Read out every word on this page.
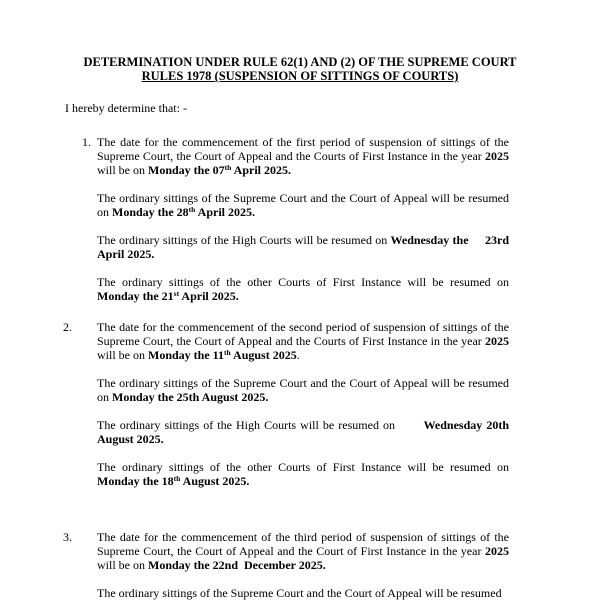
DETERMINATION UNDER RULE 62(1) AND (2) OF THE SUPREME COURT
RULES 1978 (SUSPENSION OF SITTINGS OF COURTS)
I hereby determine that: -
1. The date for the commencement of the first period of suspension of sittings of the Supreme Court, the Court of Appeal and the Courts of First Instance in the year 2025 will be on Monday the 07th April 2025.

The ordinary sittings of the Supreme Court and the Court of Appeal will be resumed on Monday the 28th April 2025.

The ordinary sittings of the High Courts will be resumed on Wednesday the     23rd April 2025.

The ordinary sittings of the other Courts of First Instance will be resumed on Monday the 21st April 2025.

2. The date for the commencement of the second period of suspension of sittings of the Supreme Court, the Court of Appeal and the Courts of First Instance in the year 2025 will be on Monday the 11th August 2025.

The ordinary sittings of the Supreme Court and the Court of Appeal will be resumed on Monday the 25th August 2025.

The ordinary sittings of the High Courts will be resumed on       Wednesday 20th August 2025.

The ordinary sittings of the other Courts of First Instance will be resumed on Monday the 18th August 2025.

3. The date for the commencement of the third period of suspension of sittings of the Supreme Court, the Court of Appeal and the Court of First Instance in the year 2025 will be on Monday the 22nd  December 2025.

The ordinary sittings of the Supreme Court and the Court of Appeal will be resumed
